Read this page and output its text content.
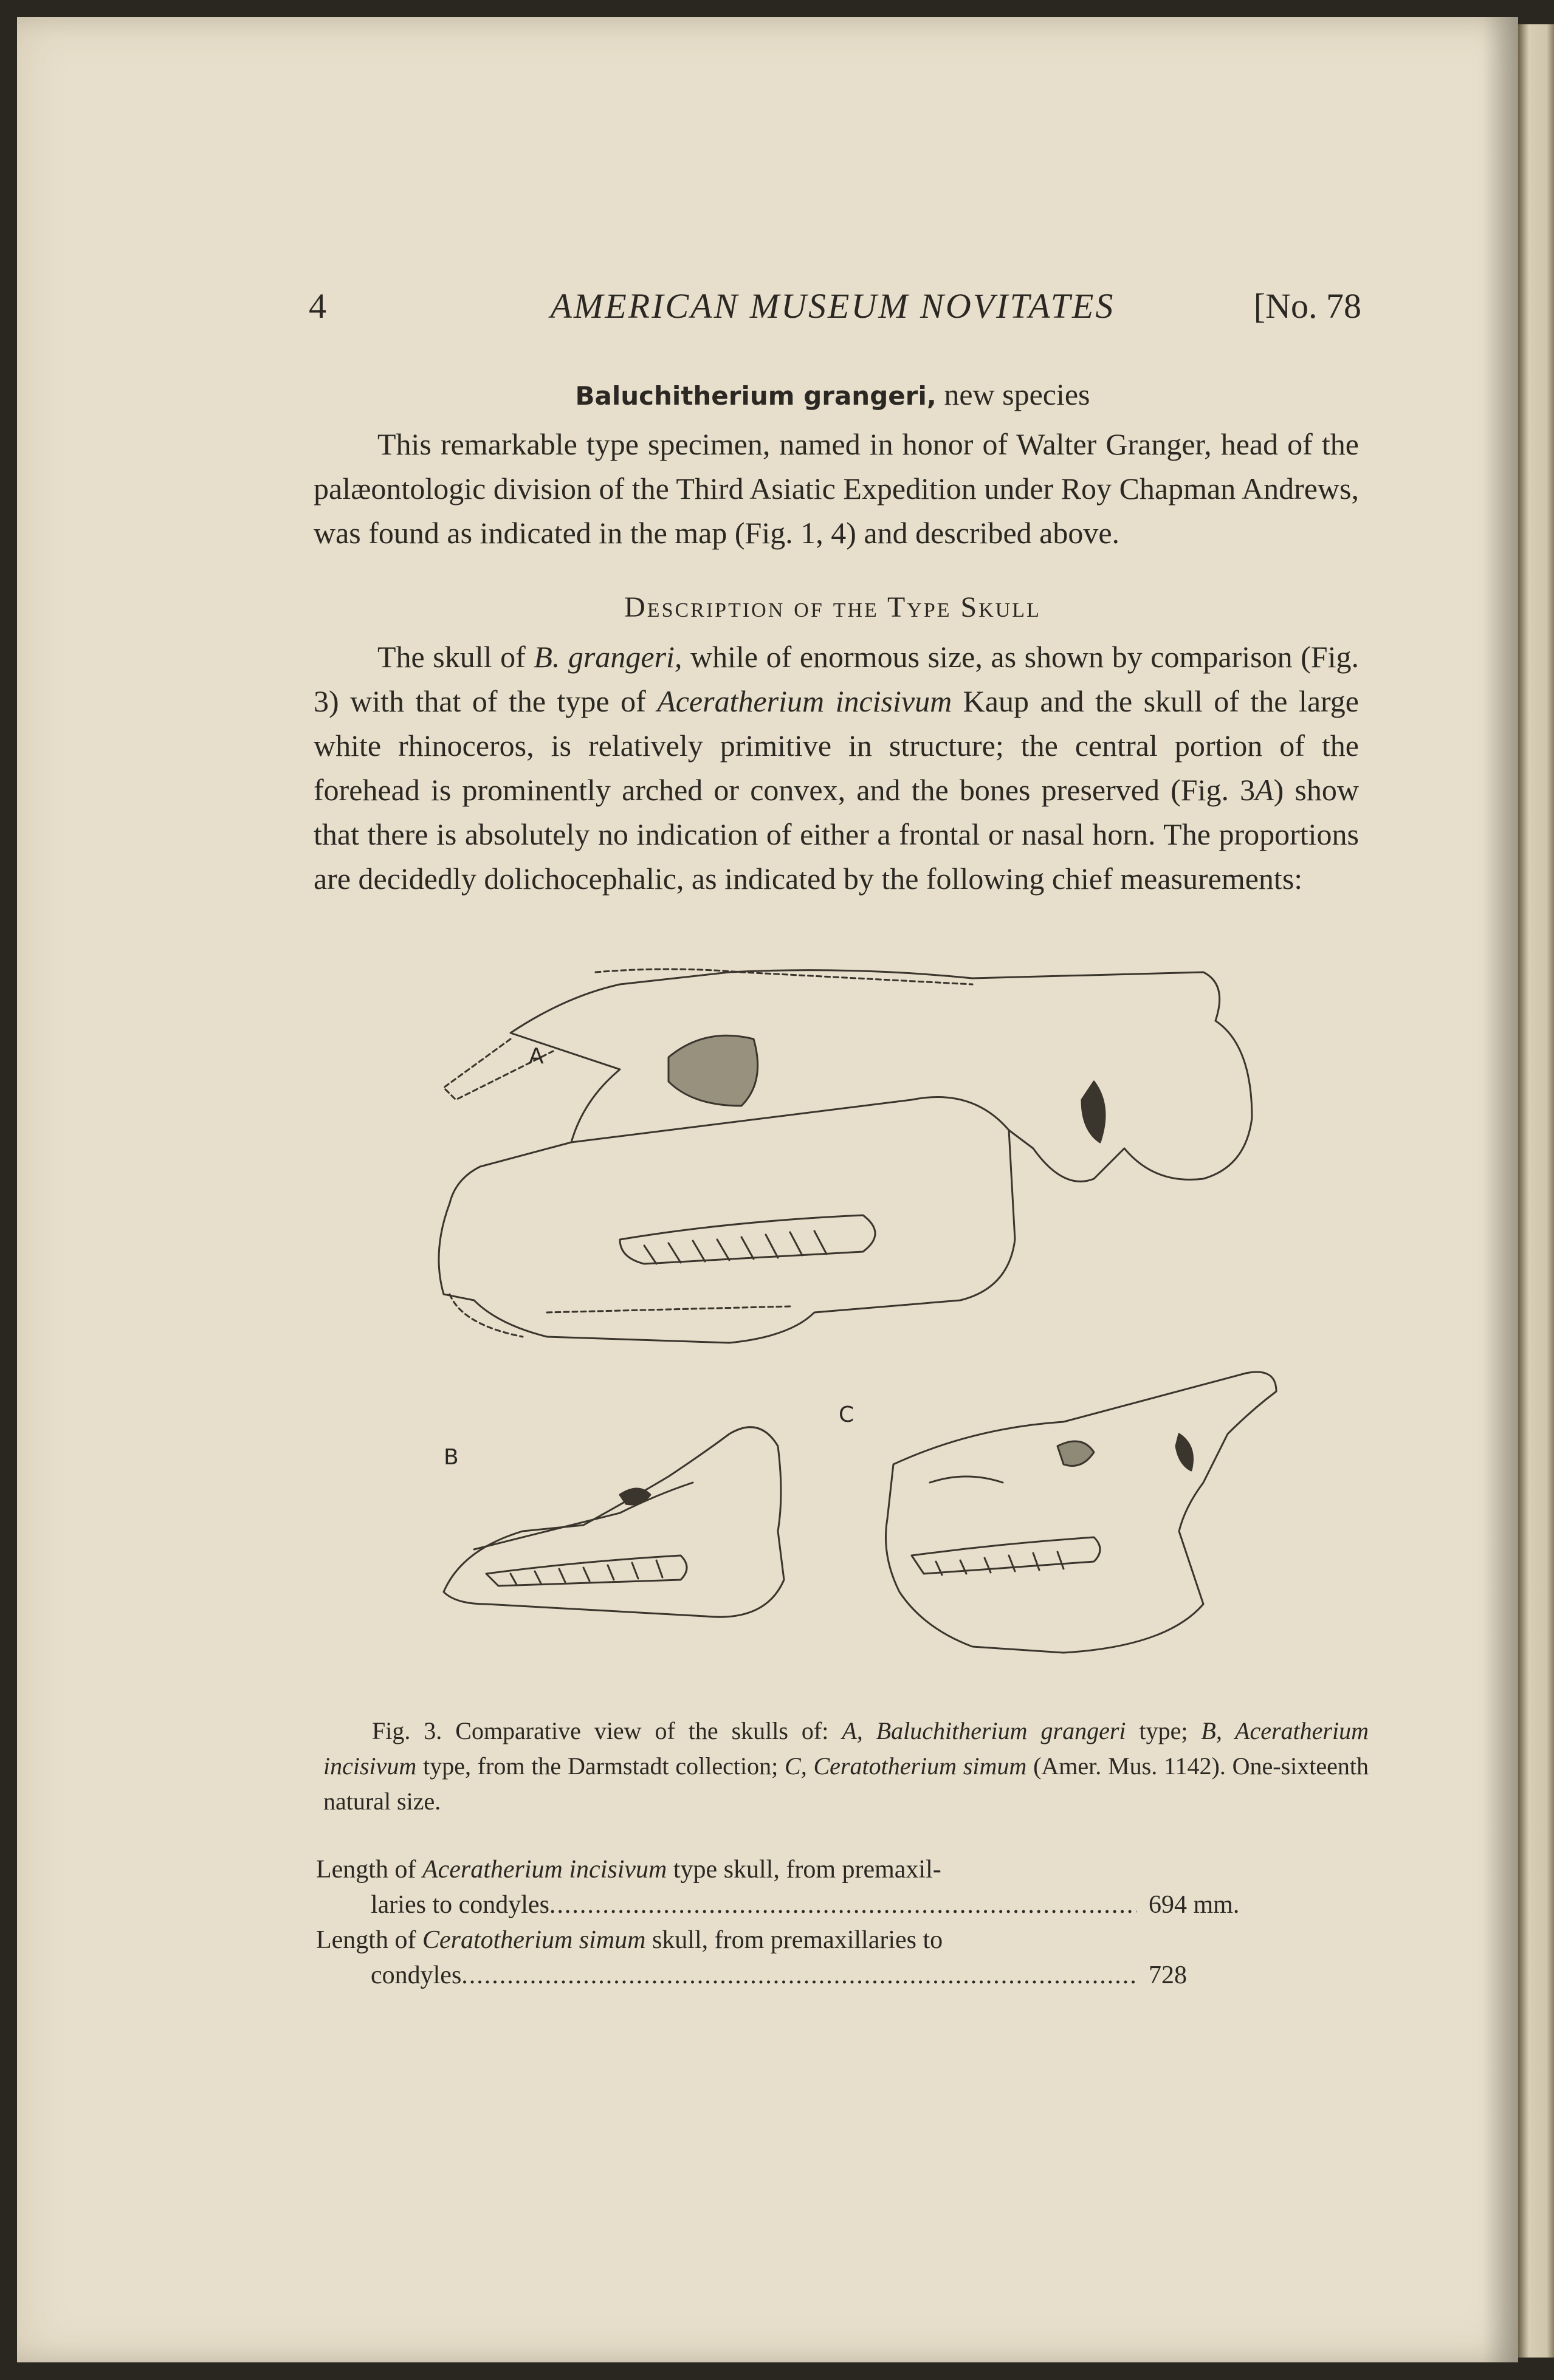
4	AMERICAN MUSEUM NOVITATES	[No. 78
Baluchitherium grangeri, new species

This remarkable type specimen, named in honor of Walter Granger, head of the palæontologic division of the Third Asiatic Expedition under Roy Chapman Andrews, was found as indicated in the map (Fig. 1, 4) and described above.

Description of the Type Skull

The skull of B. grangeri, while of enormous size, as shown by comparison (Fig. 3) with that of the type of Aceratherium incisivum Kaup and the skull of the large white rhinoceros, is relatively primitive in structure; the central portion of the forehead is prominently arched or convex, and the bones preserved (Fig. 3A) show that there is absolutely no indication of either a frontal or nasal horn. The proportions are decidedly dolichocephalic, as indicated by the following chief measurements:

A
B
C

Fig. 3. Comparative view of the skulls of: A, Baluchitherium grangeri type; B, Aceratherium incisivum type, from the Darmstadt collection; C, Ceratotherium simum (Amer. Mus. 1142). One-sixteenth natural size.

Length of Aceratherium incisivum type skull, from premaxil-
laries to condyles .....	694 mm.
Length of Ceratotherium simum skull, from premaxillaries to
condyles .....	728
